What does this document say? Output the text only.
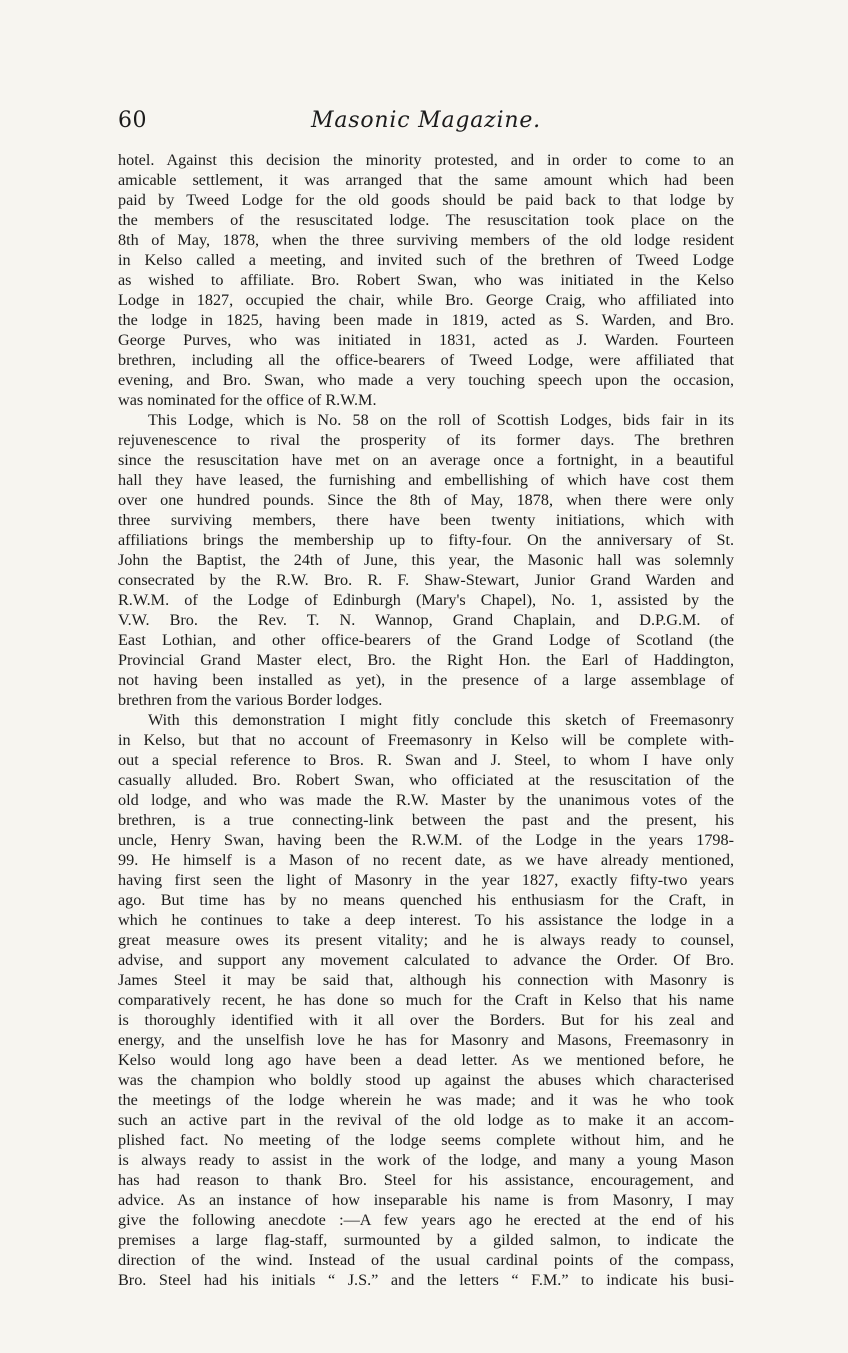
60	Masonic Magazine.
hotel. Against this decision the minority protested, and in order to come to an
amicable settlement, it was arranged that the same amount which had been
paid by Tweed Lodge for the old goods should be paid back to that lodge by
the members of the resuscitated lodge. The resuscitation took place on the
8th of May, 1878, when the three surviving members of the old lodge resident
in Kelso called a meeting, and invited such of the brethren of Tweed Lodge
as wished to affiliate. Bro. Robert Swan, who was initiated in the Kelso
Lodge in 1827, occupied the chair, while Bro. George Craig, who affiliated into
the lodge in 1825, having been made in 1819, acted as S. Warden, and Bro.
George Purves, who was initiated in 1831, acted as J. Warden. Fourteen
brethren, including all the office-bearers of Tweed Lodge, were affiliated that
evening, and Bro. Swan, who made a very touching speech upon the occasion,
was nominated for the office of R.W.M.
This Lodge, which is No. 58 on the roll of Scottish Lodges, bids fair in its
rejuvenescence to rival the prosperity of its former days. The brethren
since the resuscitation have met on an average once a fortnight, in a beautiful
hall they have leased, the furnishing and embellishing of which have cost them
over one hundred pounds. Since the 8th of May, 1878, when there were only
three surviving members, there have been twenty initiations, which with
affiliations brings the membership up to fifty-four. On the anniversary of St.
John the Baptist, the 24th of June, this year, the Masonic hall was solemnly
consecrated by the R.W. Bro. R. F. Shaw-Stewart, Junior Grand Warden and
R.W.M. of the Lodge of Edinburgh (Mary's Chapel), No. 1, assisted by the
V.W. Bro. the Rev. T. N. Wannop, Grand Chaplain, and D.P.G.M. of
East Lothian, and other office-bearers of the Grand Lodge of Scotland (the
Provincial Grand Master elect, Bro. the Right Hon. the Earl of Haddington,
not having been installed as yet), in the presence of a large assemblage of
brethren from the various Border lodges.
With this demonstration I might fitly conclude this sketch of Freemasonry
in Kelso, but that no account of Freemasonry in Kelso will be complete with-
out a special reference to Bros. R. Swan and J. Steel, to whom I have only
casually alluded. Bro. Robert Swan, who officiated at the resuscitation of the
old lodge, and who was made the R.W. Master by the unanimous votes of the
brethren, is a true connecting-link between the past and the present, his
uncle, Henry Swan, having been the R.W.M. of the Lodge in the years 1798-
99. He himself is a Mason of no recent date, as we have already mentioned,
having first seen the light of Masonry in the year 1827, exactly fifty-two years
ago. But time has by no means quenched his enthusiasm for the Craft, in
which he continues to take a deep interest. To his assistance the lodge in a
great measure owes its present vitality; and he is always ready to counsel,
advise, and support any movement calculated to advance the Order. Of Bro.
James Steel it may be said that, although his connection with Masonry is
comparatively recent, he has done so much for the Craft in Kelso that his name
is thoroughly identified with it all over the Borders. But for his zeal and
energy, and the unselfish love he has for Masonry and Masons, Freemasonry in
Kelso would long ago have been a dead letter. As we mentioned before, he
was the champion who boldly stood up against the abuses which characterised
the meetings of the lodge wherein he was made; and it was he who took
such an active part in the revival of the old lodge as to make it an accom-
plished fact. No meeting of the lodge seems complete without him, and he
is always ready to assist in the work of the lodge, and many a young Mason
has had reason to thank Bro. Steel for his assistance, encouragement, and
advice. As an instance of how inseparable his name is from Masonry, I may
give the following anecdote :—A few years ago he erected at the end of his
premises a large flag-staff, surmounted by a gilded salmon, to indicate the
direction of the wind. Instead of the usual cardinal points of the compass,
Bro. Steel had his initials “ J.S.” and the letters “ F.M.” to indicate his busi-
